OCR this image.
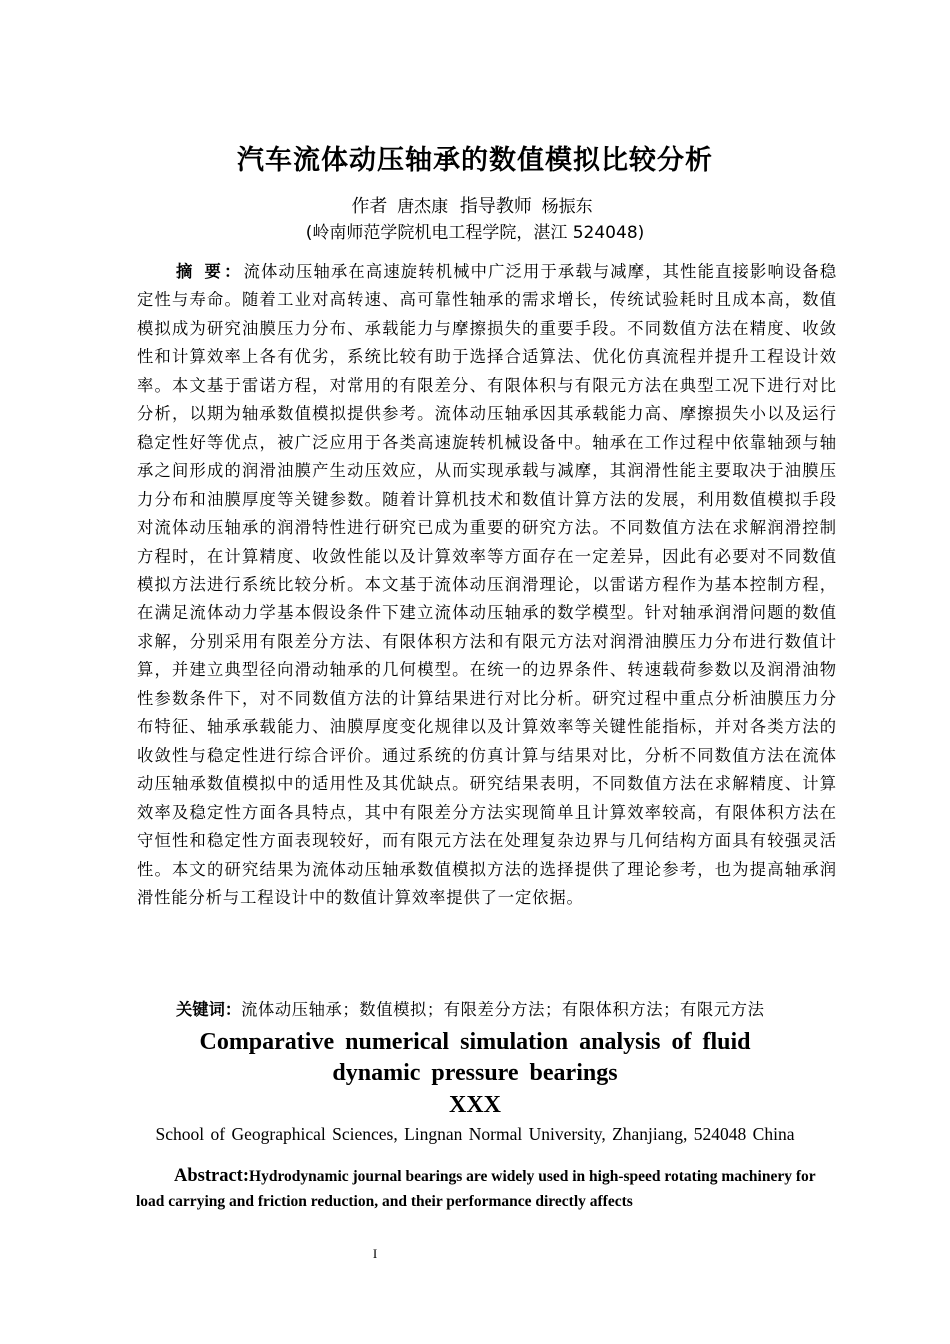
汽车流体动压轴承的数值模拟比较分析
作者 唐杰康 指导教师 杨振东
(岭南师范学院机电工程学院，湛江 524048)

摘 要：流体动压轴承在高速旋转机械中广泛用于承载与减摩，其性能直接影响设备稳定性与寿命。随着工业对高转速、高可靠性轴承的需求增长，传统试验耗时且成本高，数值模拟成为研究油膜压力分布、承载能力与摩擦损失的重要手段。不同数值方法在精度、收敛性和计算效率上各有优劣，系统比较有助于选择合适算法、优化仿真流程并提升工程设计效率。本文基于雷诺方程，对常用的有限差分、有限体积与有限元方法在典型工况下进行对比分析，以期为轴承数值模拟提供参考。流体动压轴承因其承载能力高、摩擦损失小以及运行稳定性好等优点，被广泛应用于各类高速旋转机械设备中。轴承在工作过程中依靠轴颈与轴承之间形成的润滑油膜产生动压效应，从而实现承载与减摩，其润滑性能主要取决于油膜压力分布和油膜厚度等关键参数。随着计算机技术和数值计算方法的发展，利用数值模拟手段对流体动压轴承的润滑特性进行研究已成为重要的研究方法。不同数值方法在求解润滑控制方程时，在计算精度、收敛性能以及计算效率等方面存在一定差异，因此有必要对不同数值模拟方法进行系统比较分析。本文基于流体动压润滑理论，以雷诺方程作为基本控制方程，在满足流体动力学基本假设条件下建立流体动压轴承的数学模型。针对轴承润滑问题的数值求解，分别采用有限差分方法、有限体积方法和有限元方法对润滑油膜压力分布进行数值计算，并建立典型径向滑动轴承的几何模型。在统一的边界条件、转速载荷参数以及润滑油物性参数条件下，对不同数值方法的计算结果进行对比分析。研究过程中重点分析油膜压力分布特征、轴承承载能力、油膜厚度变化规律以及计算效率等关键性能指标，并对各类方法的收敛性与稳定性进行综合评价。通过系统的仿真计算与结果对比，分析不同数值方法在流体动压轴承数值模拟中的适用性及其优缺点。研究结果表明，不同数值方法在求解精度、计算效率及稳定性方面各具特点，其中有限差分方法实现简单且计算效率较高，有限体积方法在守恒性和稳定性方面表现较好，而有限元方法在处理复杂边界与几何结构方面具有较强灵活性。本文的研究结果为流体动压轴承数值模拟方法的选择提供了理论参考，也为提高轴承润滑性能分析与工程设计中的数值计算效率提供了一定依据。

关键词：流体动压轴承；数值模拟；有限差分方法；有限体积方法；有限元方法

Comparative numerical simulation analysis of fluid
dynamic pressure bearings
XXX
School of Geographical Sciences, Lingnan Normal University, Zhanjiang, 524048 China

Abstract:Hydrodynamic journal bearings are widely used in high-speed rotating machinery for load carrying and friction reduction, and their performance directly affects

I
